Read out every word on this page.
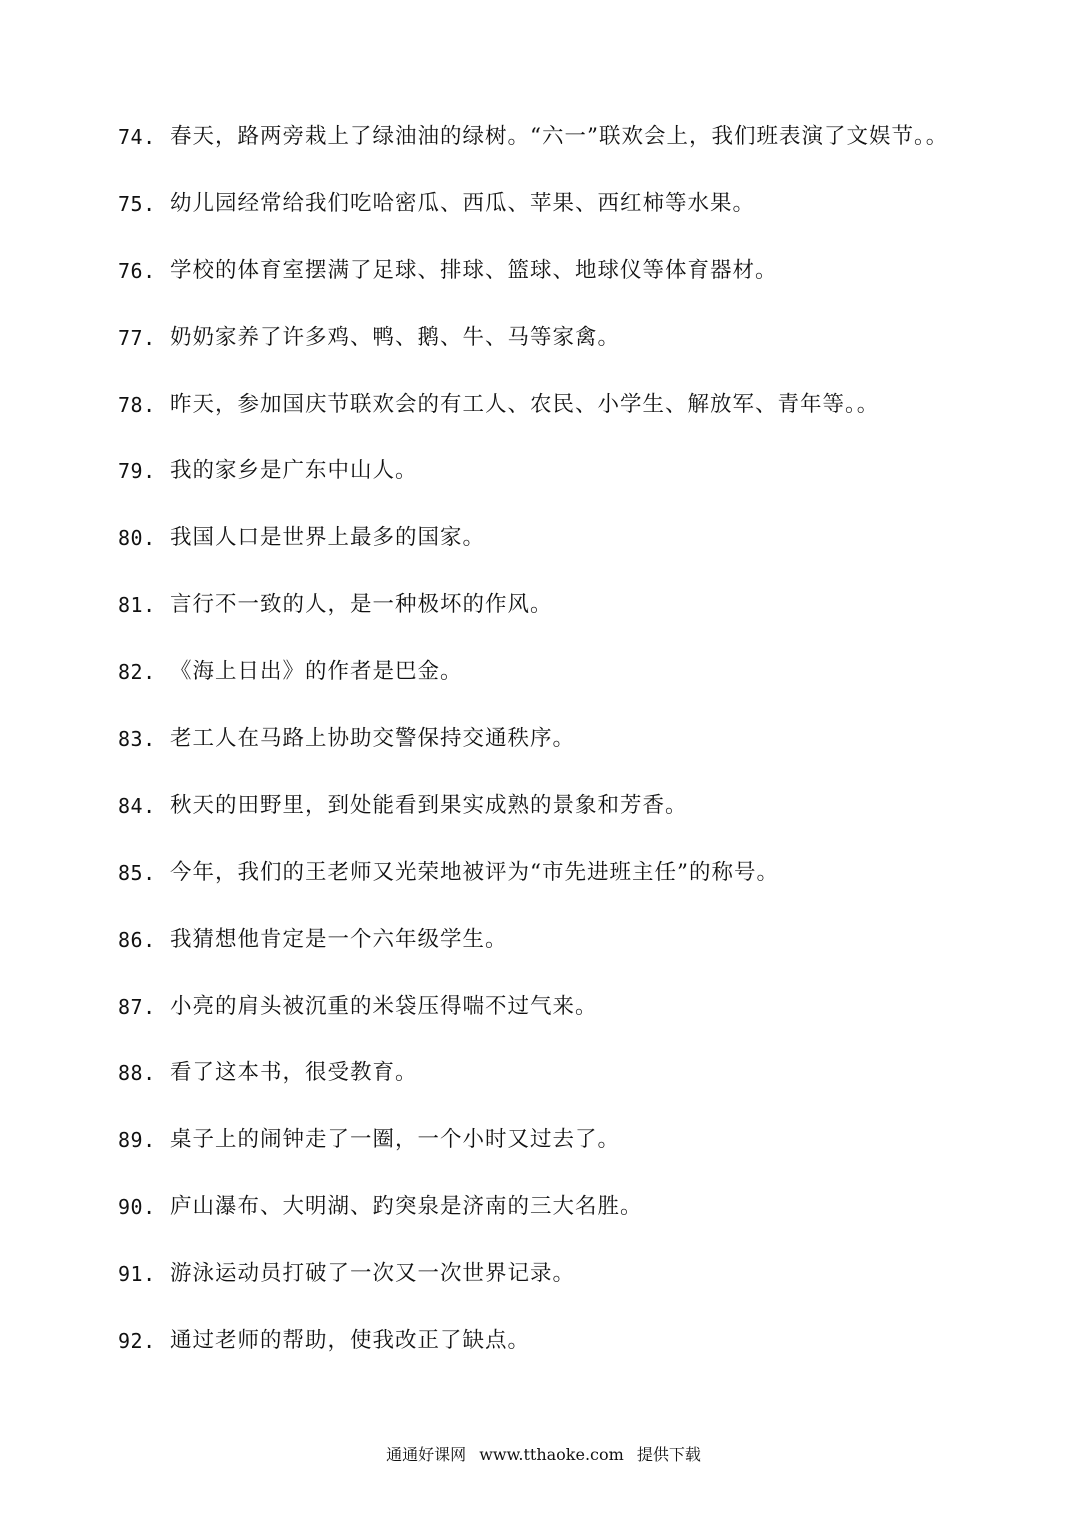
74. 春天，路两旁栽上了绿油油的绿树。“六一”联欢会上，我们班表演了文娱节。。
75. 幼儿园经常给我们吃哈密瓜、西瓜、苹果、西红柿等水果。
76. 学校的体育室摆满了足球、排球、篮球、地球仪等体育器材。
77. 奶奶家养了许多鸡、鸭、鹅、牛、马等家禽。
78. 昨天，参加国庆节联欢会的有工人、农民、小学生、解放军、青年等。。
79. 我的家乡是广东中山人。
80. 我国人口是世界上最多的国家。
81. 言行不一致的人，是一种极坏的作风。
82. 《海上日出》的作者是巴金。
83. 老工人在马路上协助交警保持交通秩序。
84. 秋天的田野里，到处能看到果实成熟的景象和芳香。
85. 今年，我们的王老师又光荣地被评为“市先进班主任”的称号。
86. 我猜想他肯定是一个六年级学生。
87. 小亮的肩头被沉重的米袋压得喘不过气来。
88. 看了这本书，很受教育。
89. 桌子上的闹钟走了一圈，一个小时又过去了。
90. 庐山瀑布、大明湖、趵突泉是济南的三大名胜。
91. 游泳运动员打破了一次又一次世界记录。
92. 通过老师的帮助，使我改正了缺点。
通通好课网 www.tthaoke.com 提供下载
